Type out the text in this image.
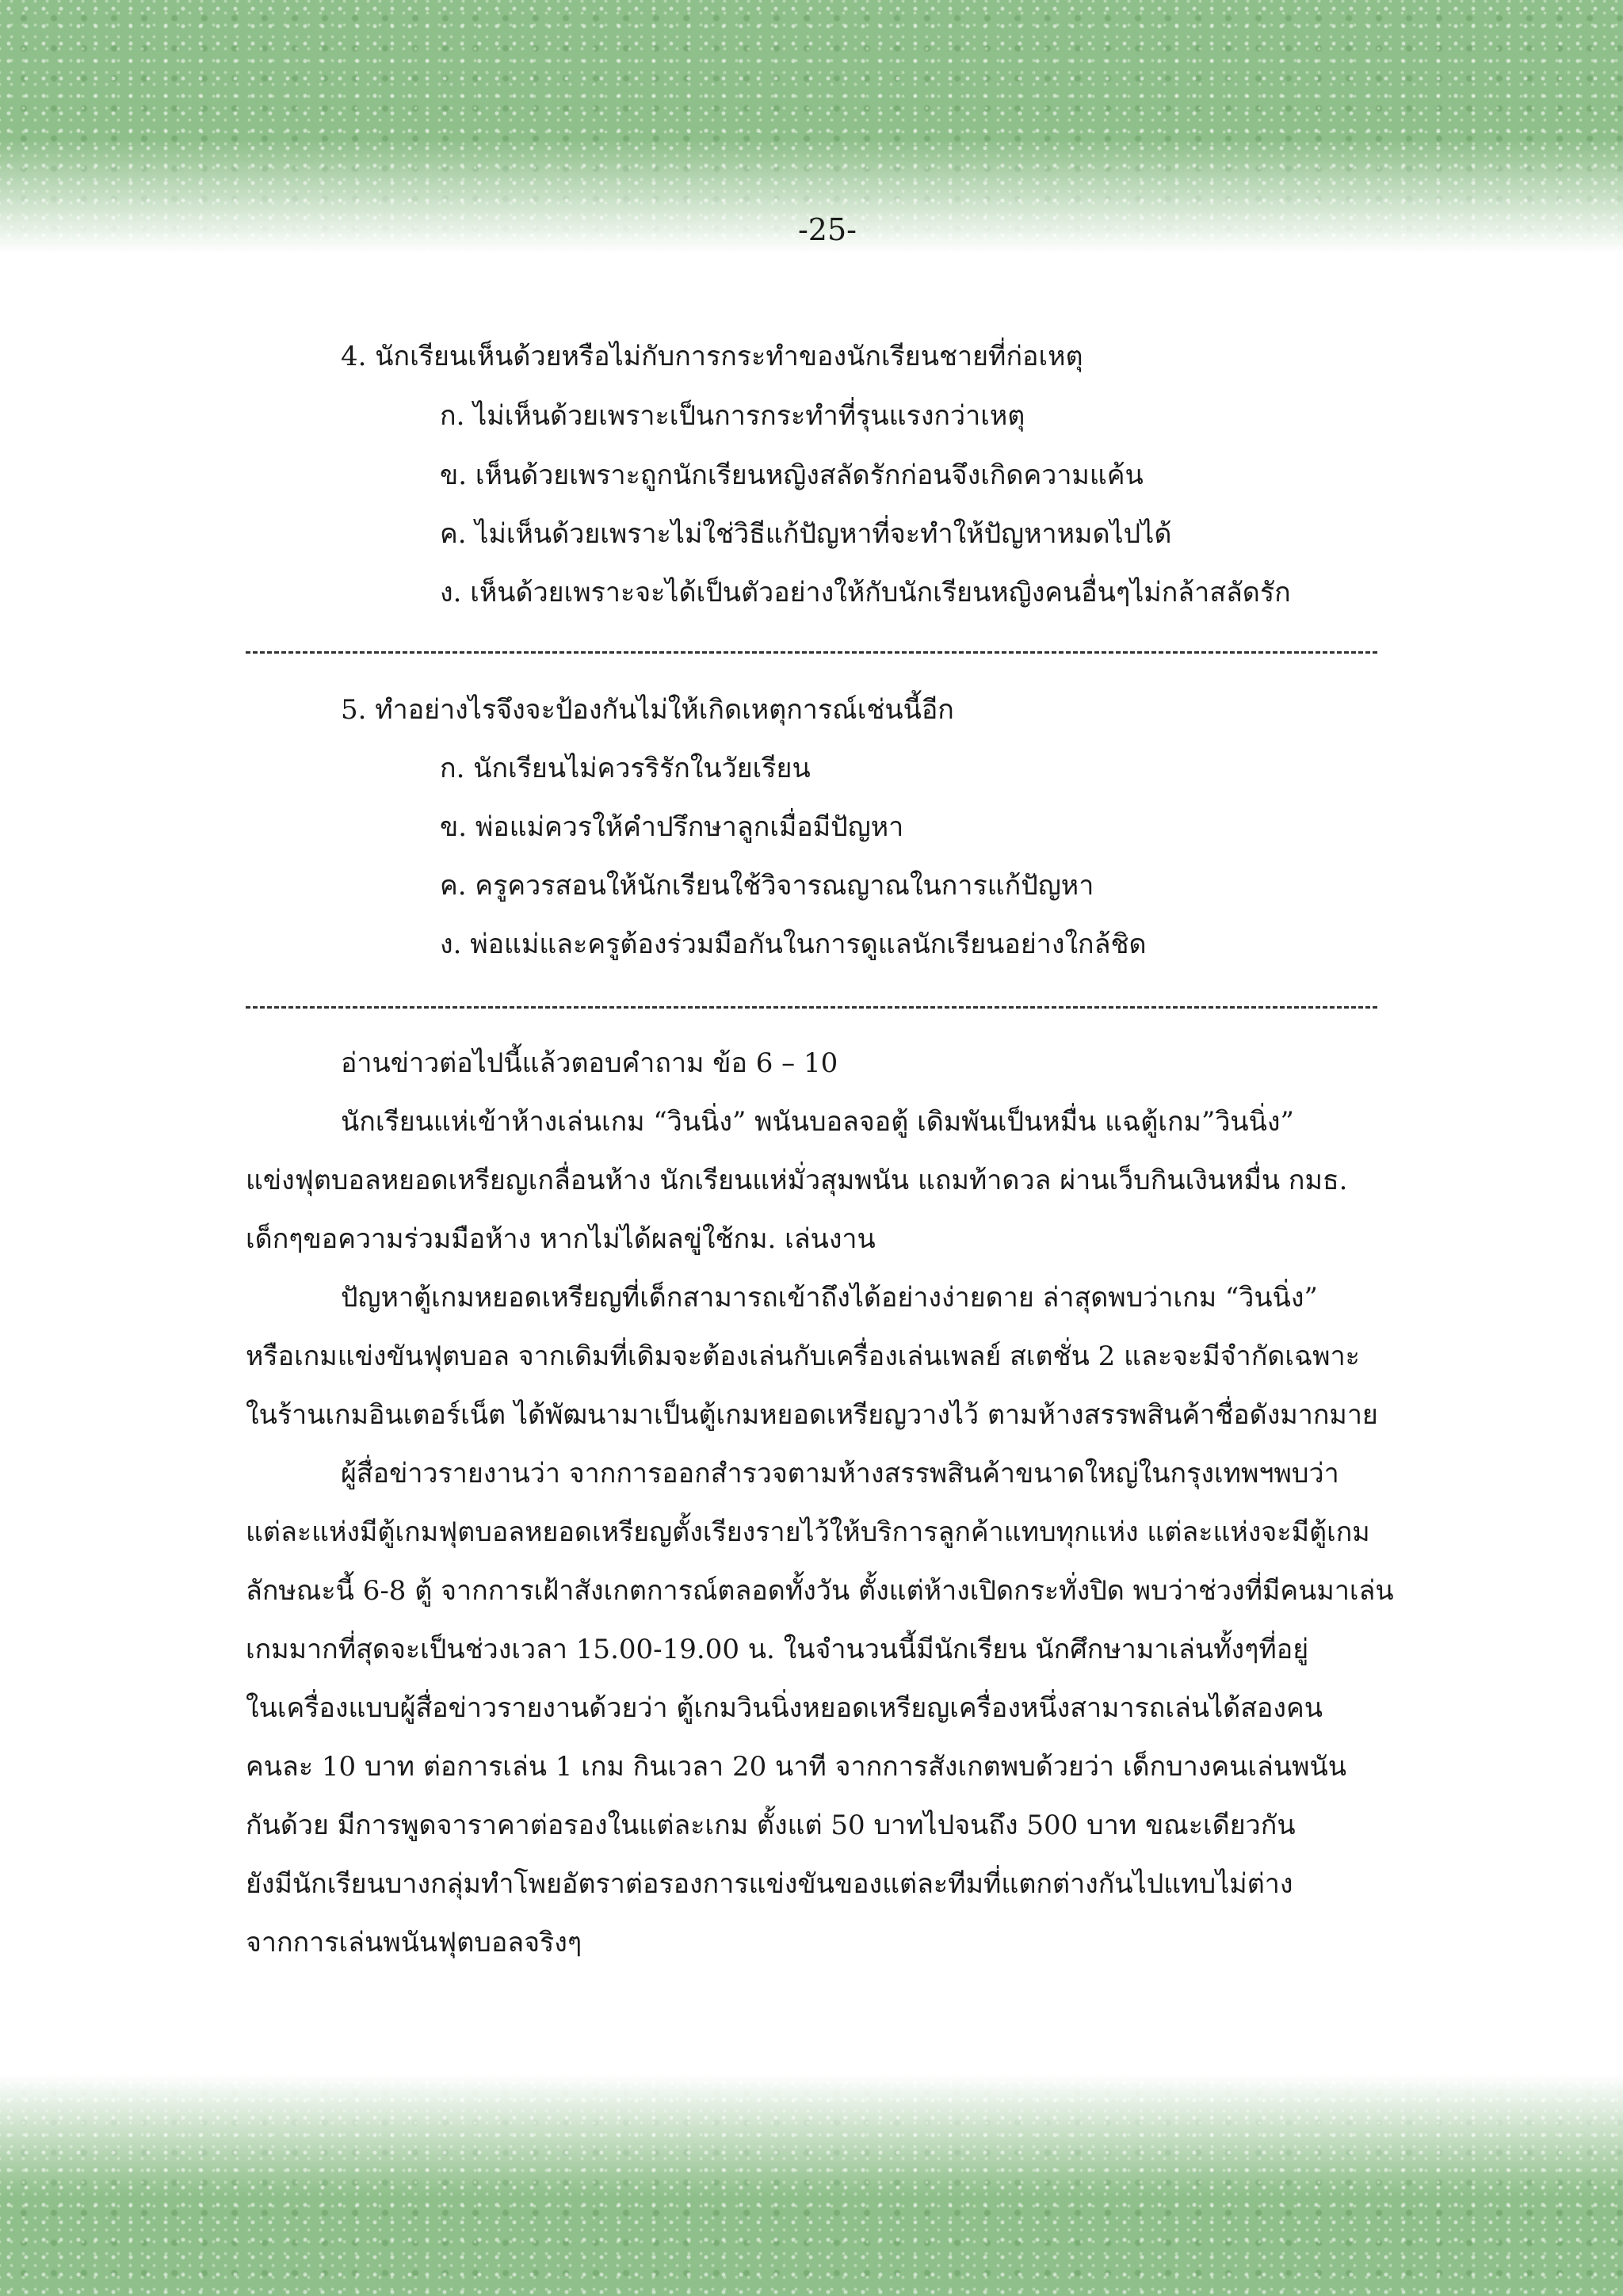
-25-
4. นักเรียนเห็นด้วยหรือไม่กับการกระทำของนักเรียนชายที่ก่อเหตุ
ก. ไม่เห็นด้วยเพราะเป็นการกระทำที่รุนแรงกว่าเหตุ
ข. เห็นด้วยเพราะถูกนักเรียนหญิงสลัดรักก่อนจึงเกิดความแค้น
ค. ไม่เห็นด้วยเพราะไม่ใช่วิธีแก้ปัญหาที่จะทำให้ปัญหาหมดไปได้
ง. เห็นด้วยเพราะจะได้เป็นตัวอย่างให้กับนักเรียนหญิงคนอื่นๆไม่กล้าสลัดรัก
5. ทำอย่างไรจึงจะป้องกันไม่ให้เกิดเหตุการณ์เช่นนี้อีก
ก. นักเรียนไม่ควรริรักในวัยเรียน
ข. พ่อแม่ควรให้คำปรึกษาลูกเมื่อมีปัญหา
ค. ครูควรสอนให้นักเรียนใช้วิจารณญาณในการแก้ปัญหา
ง. พ่อแม่และครูต้องร่วมมือกันในการดูแลนักเรียนอย่างใกล้ชิด
อ่านข่าวต่อไปนี้แล้วตอบคำถาม ข้อ 6 – 10
นักเรียนแห่เข้าห้างเล่นเกม “วินนิ่ง” พนันบอลจอตู้ เดิมพันเป็นหมื่น แฉตู้เกม”วินนิ่ง”
แข่งฟุตบอลหยอดเหรียญเกลื่อนห้าง นักเรียนแห่มั่วสุมพนัน แถมท้าดวล ผ่านเว็บกินเงินหมื่น กมธ.
เด็กๆขอความร่วมมือห้าง หากไม่ได้ผลขู่ใช้กม. เล่นงาน
ปัญหาตู้เกมหยอดเหรียญที่เด็กสามารถเข้าถึงได้อย่างง่ายดาย ล่าสุดพบว่าเกม “วินนิ่ง”
หรือเกมแข่งขันฟุตบอล จากเดิมที่เดิมจะต้องเล่นกับเครื่องเล่นเพลย์ สเตชั่น 2 และจะมีจำกัดเฉพาะ
ในร้านเกมอินเตอร์เน็ต ได้พัฒนามาเป็นตู้เกมหยอดเหรียญวางไว้ ตามห้างสรรพสินค้าชื่อดังมากมาย
ผู้สื่อข่าวรายงานว่า จากการออกสำรวจตามห้างสรรพสินค้าขนาดใหญ่ในกรุงเทพฯพบว่า
แต่ละแห่งมีตู้เกมฟุตบอลหยอดเหรียญตั้งเรียงรายไว้ให้บริการลูกค้าแทบทุกแห่ง แต่ละแห่งจะมีตู้เกม
ลักษณะนี้ 6-8 ตู้ จากการเฝ้าสังเกตการณ์ตลอดทั้งวัน ตั้งแต่ห้างเปิดกระทั่งปิด พบว่าช่วงที่มีคนมาเล่น
เกมมากที่สุดจะเป็นช่วงเวลา 15.00-19.00 น. ในจำนวนนี้มีนักเรียน นักศึกษามาเล่นทั้งๆที่อยู่
ในเครื่องแบบผู้สื่อข่าวรายงานด้วยว่า ตู้เกมวินนิ่งหยอดเหรียญเครื่องหนึ่งสามารถเล่นได้สองคน
คนละ 10 บาท ต่อการเล่น 1 เกม กินเวลา 20 นาที จากการสังเกตพบด้วยว่า เด็กบางคนเล่นพนัน
กันด้วย มีการพูดจาราคาต่อรองในแต่ละเกม ตั้งแต่ 50 บาทไปจนถึง 500 บาท ขณะเดียวกัน
ยังมีนักเรียนบางกลุ่มทำโพยอัตราต่อรองการแข่งขันของแต่ละทีมที่แตกต่างกันไปแทบไม่ต่าง
จากการเล่นพนันฟุตบอลจริงๆ
